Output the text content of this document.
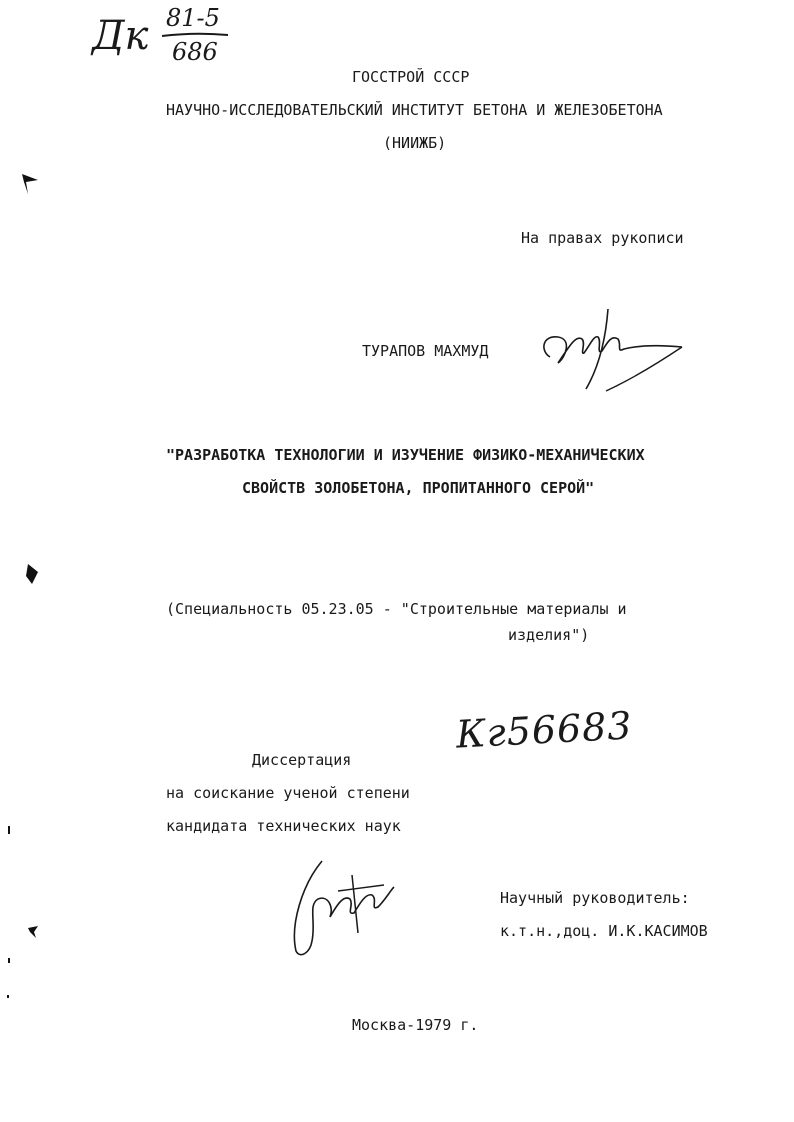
Дк 81-5
686
ГОССТРОЙ СССР
НАУЧНО-ИССЛЕДОВАТЕЛЬСКИЙ ИНСТИТУТ БЕТОНА И ЖЕЛЕЗОБЕТОНА
(НИИЖБ)
На правах рукописи
ТУРАПОВ МАХМУД
"РАЗРАБОТКА ТЕХНОЛОГИИ И ИЗУЧЕНИЕ ФИЗИКО-МЕХАНИЧЕСКИХ
СВОЙСТВ ЗОЛОБЕТОНА, ПРОПИТАННОГО СЕРОЙ"
(Специальность 05.23.05 - "Строительные материалы и
изделия")
Кг56683
Диссертация
на соискание ученой степени
кандидата технических наук
Научный руководитель:
к.т.н.,доц. И.К.КАСИМОВ
Москва-1979 г.
